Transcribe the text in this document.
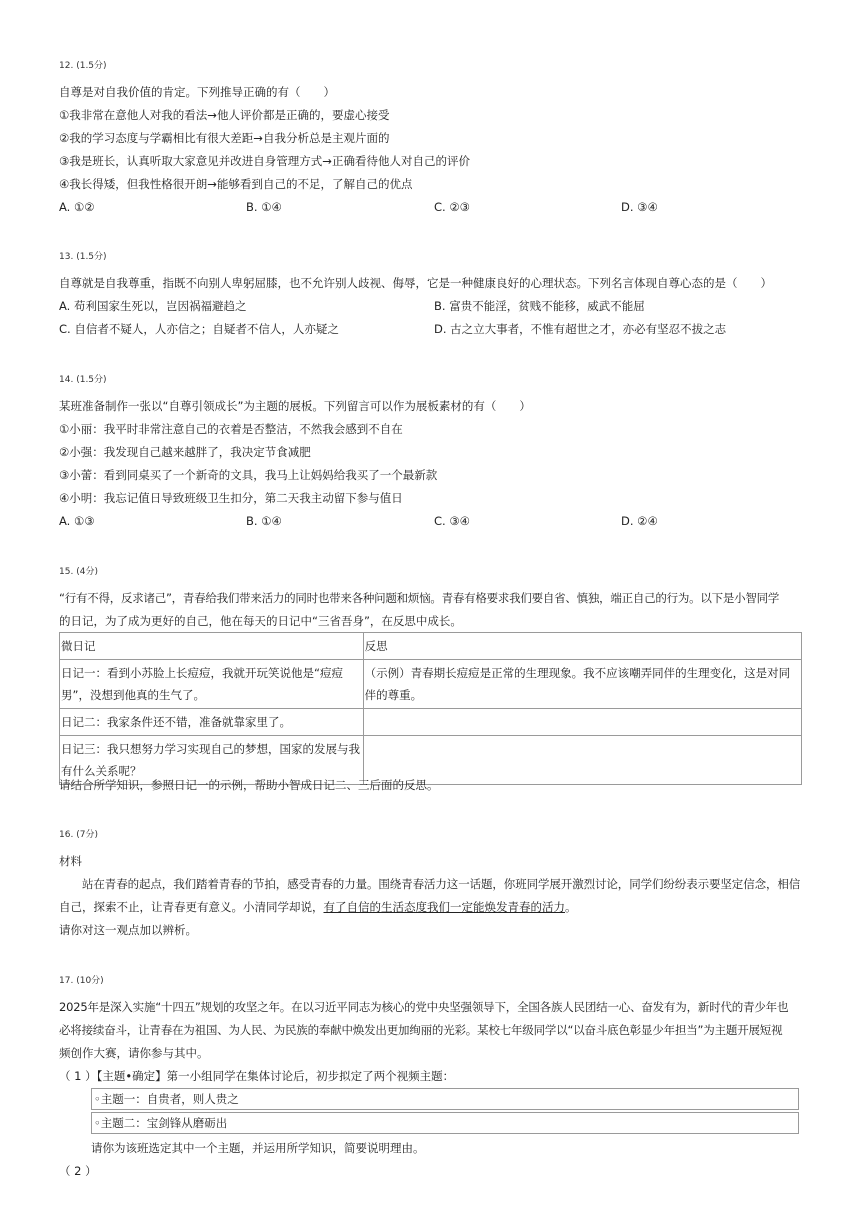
12. (1.5分)
自尊是对自我价值的肯定。下列推导正确的有（　　）
①我非常在意他人对我的看法→他人评价都是正确的，要虚心接受
②我的学习态度与学霸相比有很大差距→自我分析总是主观片面的
③我是班长，认真听取大家意见并改进自身管理方式→正确看待他人对自己的评价
④我长得矮，但我性格很开朗→能够看到自己的不足，了解自己的优点
A. ①②	B. ①④	C. ②③	D. ③④
13. (1.5分)
自尊就是自我尊重，指既不向别人卑躬屈膝，也不允许别人歧视、侮辱，它是一种健康良好的心理状态。下列名言体现自尊心态的是（　　）
A. 苟利国家生死以，岂因祸福避趋之	B. 富贵不能淫，贫贱不能移，威武不能屈
C. 自信者不疑人，人亦信之；自疑者不信人，人亦疑之	D. 古之立大事者，不惟有超世之才，亦必有坚忍不拔之志
14. (1.5分)
某班准备制作一张以“自尊引领成长”为主题的展板。下列留言可以作为展板素材的有（　　）
①小丽：我平时非常注意自己的衣着是否整洁，不然我会感到不自在
②小强：我发现自己越来越胖了，我决定节食减肥
③小蕾：看到同桌买了一个新奇的文具，我马上让妈妈给我买了一个最新款
④小明：我忘记值日导致班级卫生扣分，第二天我主动留下参与值日
A. ①③	B. ①④	C. ③④	D. ②④
15. (4分)
“行有不得，反求诸己”，青春给我们带来活力的同时也带来各种问题和烦恼。青春有格要求我们要自省、慎独，端正自己的行为。以下是小智同学
的日记，为了成为更好的自己，他在每天的日记中“三省吾身”，在反思中成长。
微日记	反思
日记一：看到小苏脸上长痘痘，我就开玩笑说他是“痘痘男”，没想到他真的生气了。	（示例）青春期长痘痘是正常的生理现象。我不应该嘲弄同伴的生理变化，这是对同伴的尊重。
日记二：我家条件还不错，准备就靠家里了。	
日记三：我只想努力学习实现自己的梦想，国家的发展与我有什么关系呢？	
请结合所学知识，参照日记一的示例，帮助小智成日记二、三后面的反思。
16. (7分)
材料
站在青春的起点，我们踏着青春的节拍，感受青春的力量。围绕青春活力这一话题，你班同学展开激烈讨论，同学们纷纷表示要坚定信念，相信
自己，探索不止，让青春更有意义。小清同学却说，有了自信的生活态度我们一定能焕发青春的活力。
请你对这一观点加以辨析。
17. (10分)
2025年是深入实施“十四五”规划的攻坚之年。在以习近平同志为核心的党中央坚强领导下，全国各族人民团结一心、奋发有为，新时代的青少年也
必将接续奋斗，让青春在为祖国、为人民、为民族的奉献中焕发出更加绚丽的光彩。某校七年级同学以“以奋斗底色彰显少年担当”为主题开展短视
频创作大赛，请你参与其中。
（ 1 ）【主题•确定】第一小组同学在集体讨论后，初步拟定了两个视频主题：
◦主题一：自贵者，则人贵之
◦主题二：宝剑锋从磨砺出
请你为该班选定其中一个主题，并运用所学知识，简要说明理由。
（ 2 ）
